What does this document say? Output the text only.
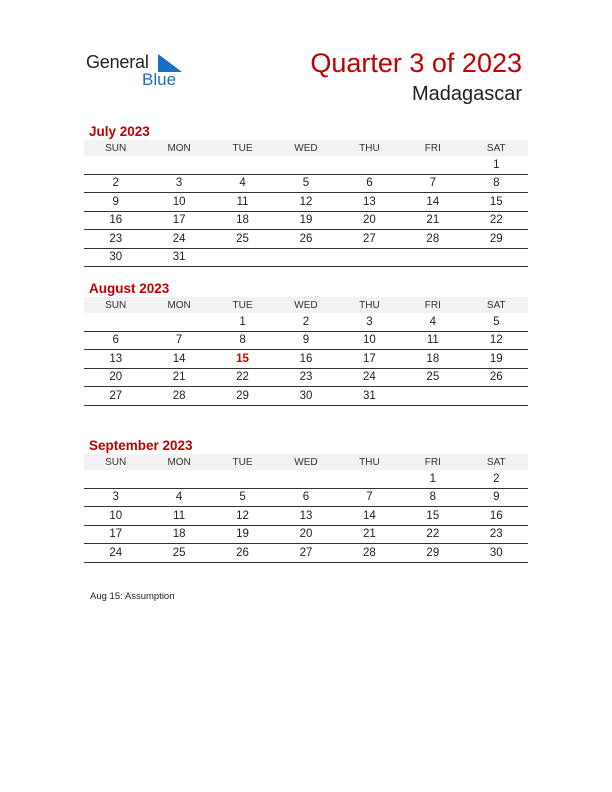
General
Blue
Quarter 3 of 2023
Madagascar
July 2023
SUN	MON	TUE	WED	THU	FRI	SAT
						1
2	3	4	5	6	7	8
9	10	11	12	13	14	15
16	17	18	19	20	21	22
23	24	25	26	27	28	29
30	31					
August 2023
SUN	MON	TUE	WED	THU	FRI	SAT
		1	2	3	4	5
6	7	8	9	10	11	12
13	14	15	16	17	18	19
20	21	22	23	24	25	26
27	28	29	30	31		
September 2023
SUN	MON	TUE	WED	THU	FRI	SAT
					1	2
3	4	5	6	7	8	9
10	11	12	13	14	15	16
17	18	19	20	21	22	23
24	25	26	27	28	29	30
Aug 15: Assumption
